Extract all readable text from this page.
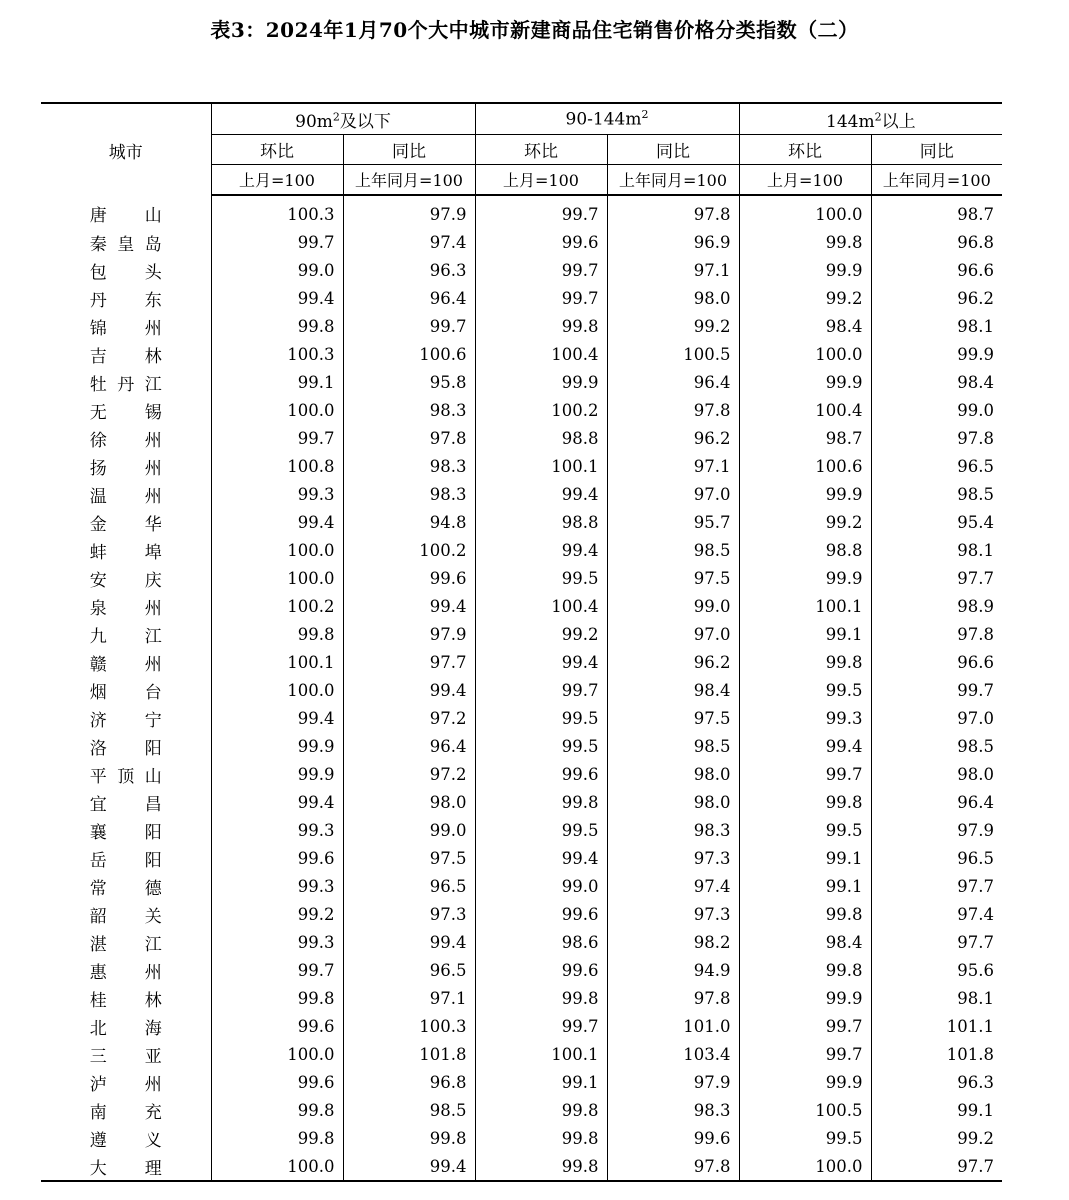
表3：2024年1月70个大中城市新建商品住宅销售价格分类指数（二）
城市	$90m^2$及以下		$90-144m^2$		$144m^2$以上	
	环比	同比	环比	同比	环比	同比
	上月=100	上年同月=100	上月=100	上年同月=100	上月=100	上年同月=100
唐山	100.3	97.9	99.7	97.8	100.0	98.7
秦皇岛	99.7	97.4	99.6	96.9	99.8	96.8
包头	99.0	96.3	99.7	97.1	99.9	96.6
丹东	99.4	96.4	99.7	98.0	99.2	96.2
锦州	99.8	99.7	99.8	99.2	98.4	98.1
吉林	100.3	100.6	100.4	100.5	100.0	99.9
牡丹江	99.1	95.8	99.9	96.4	99.9	98.4
无锡	100.0	98.3	100.2	97.8	100.4	99.0
徐州	99.7	97.8	98.8	96.2	98.7	97.8
扬州	100.8	98.3	100.1	97.1	100.6	96.5
温州	99.3	98.3	99.4	97.0	99.9	98.5
金华	99.4	94.8	98.8	95.7	99.2	95.4
蚌埠	100.0	100.2	99.4	98.5	98.8	98.1
安庆	100.0	99.6	99.5	97.5	99.9	97.7
泉州	100.2	99.4	100.4	99.0	100.1	98.9
九江	99.8	97.9	99.2	97.0	99.1	97.8
赣州	100.1	97.7	99.4	96.2	99.8	96.6
烟台	100.0	99.4	99.7	98.4	99.5	99.7
济宁	99.4	97.2	99.5	97.5	99.3	97.0
洛阳	99.9	96.4	99.5	98.5	99.4	98.5
平顶山	99.9	97.2	99.6	98.0	99.7	98.0
宜昌	99.4	98.0	99.8	98.0	99.8	96.4
襄阳	99.3	99.0	99.5	98.3	99.5	97.9
岳阳	99.6	97.5	99.4	97.3	99.1	96.5
常德	99.3	96.5	99.0	97.4	99.1	97.7
韶关	99.2	97.3	99.6	97.3	99.8	97.4
湛江	99.3	99.4	98.6	98.2	98.4	97.7
惠州	99.7	96.5	99.6	94.9	99.8	95.6
桂林	99.8	97.1	99.8	97.8	99.9	98.1
北海	99.6	100.3	99.7	101.0	99.7	101.1
三亚	100.0	101.8	100.1	103.4	99.7	101.8
泸州	99.6	96.8	99.1	97.9	99.9	96.3
南充	99.8	98.5	99.8	98.3	100.5	99.1
遵义	99.8	99.8	99.8	99.6	99.5	99.2
大理	100.0	99.4	99.8	97.8	100.0	97.7
